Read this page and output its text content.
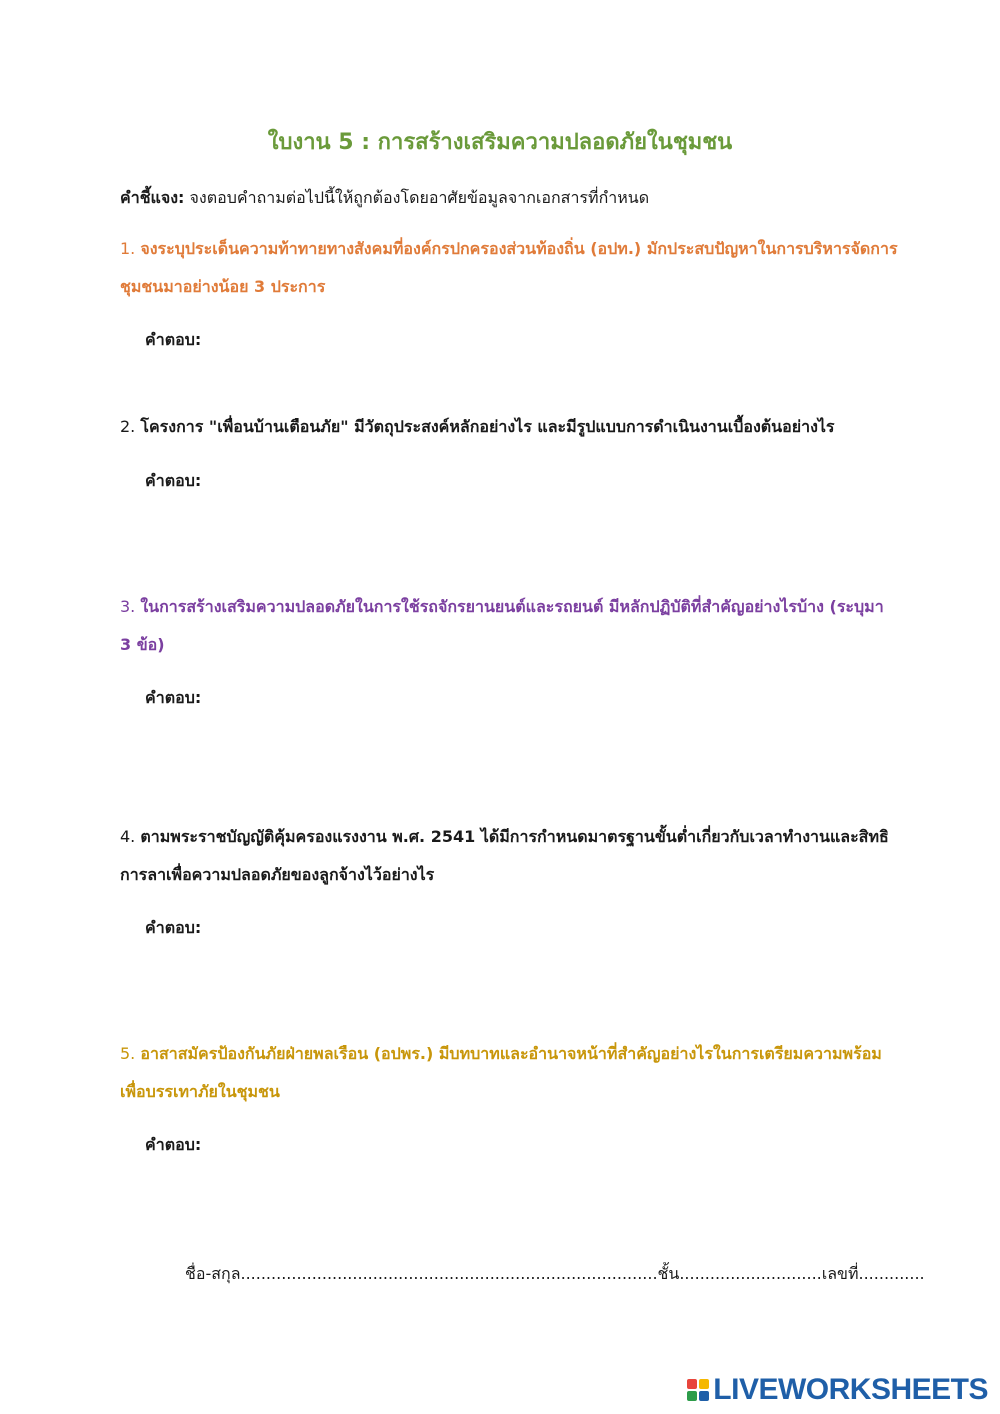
ใบงาน 5 : การสร้างเสริมความปลอดภัยในชุมชน
คำชี้แจง: จงตอบคำถามต่อไปนี้ให้ถูกต้องโดยอาศัยข้อมูลจากเอกสารที่กำหนด
1. จงระบุประเด็นความท้าทายทางสังคมที่องค์กรปกครองส่วนท้องถิ่น (อปท.) มักประสบปัญหาในการบริหารจัดการชุมชนมาอย่างน้อย 3 ประการ
คำตอบ:
2. โครงการ "เพื่อนบ้านเตือนภัย" มีวัตถุประสงค์หลักอย่างไร และมีรูปแบบการดำเนินงานเบื้องต้นอย่างไร
คำตอบ:
3. ในการสร้างเสริมความปลอดภัยในการใช้รถจักรยานยนต์และรถยนต์ มีหลักปฏิบัติที่สำคัญอย่างไรบ้าง (ระบุมา 3 ข้อ)
คำตอบ:
4. ตามพระราชบัญญัติคุ้มครองแรงงาน พ.ศ. 2541 ได้มีการกำหนดมาตรฐานขั้นต่ำเกี่ยวกับเวลาทำงานและสิทธิการลาเพื่อความปลอดภัยของลูกจ้างไว้อย่างไร
คำตอบ:
5. อาสาสมัครป้องกันภัยฝ่ายพลเรือน (อปพร.) มีบทบาทและอำนาจหน้าที่สำคัญอย่างไรในการเตรียมความพร้อมเพื่อบรรเทาภัยในชุมชน
คำตอบ:
ชื่อ-สกุล..................................................................................ชั้น............................เลขที่.............
LIVEWORKSHEETS
